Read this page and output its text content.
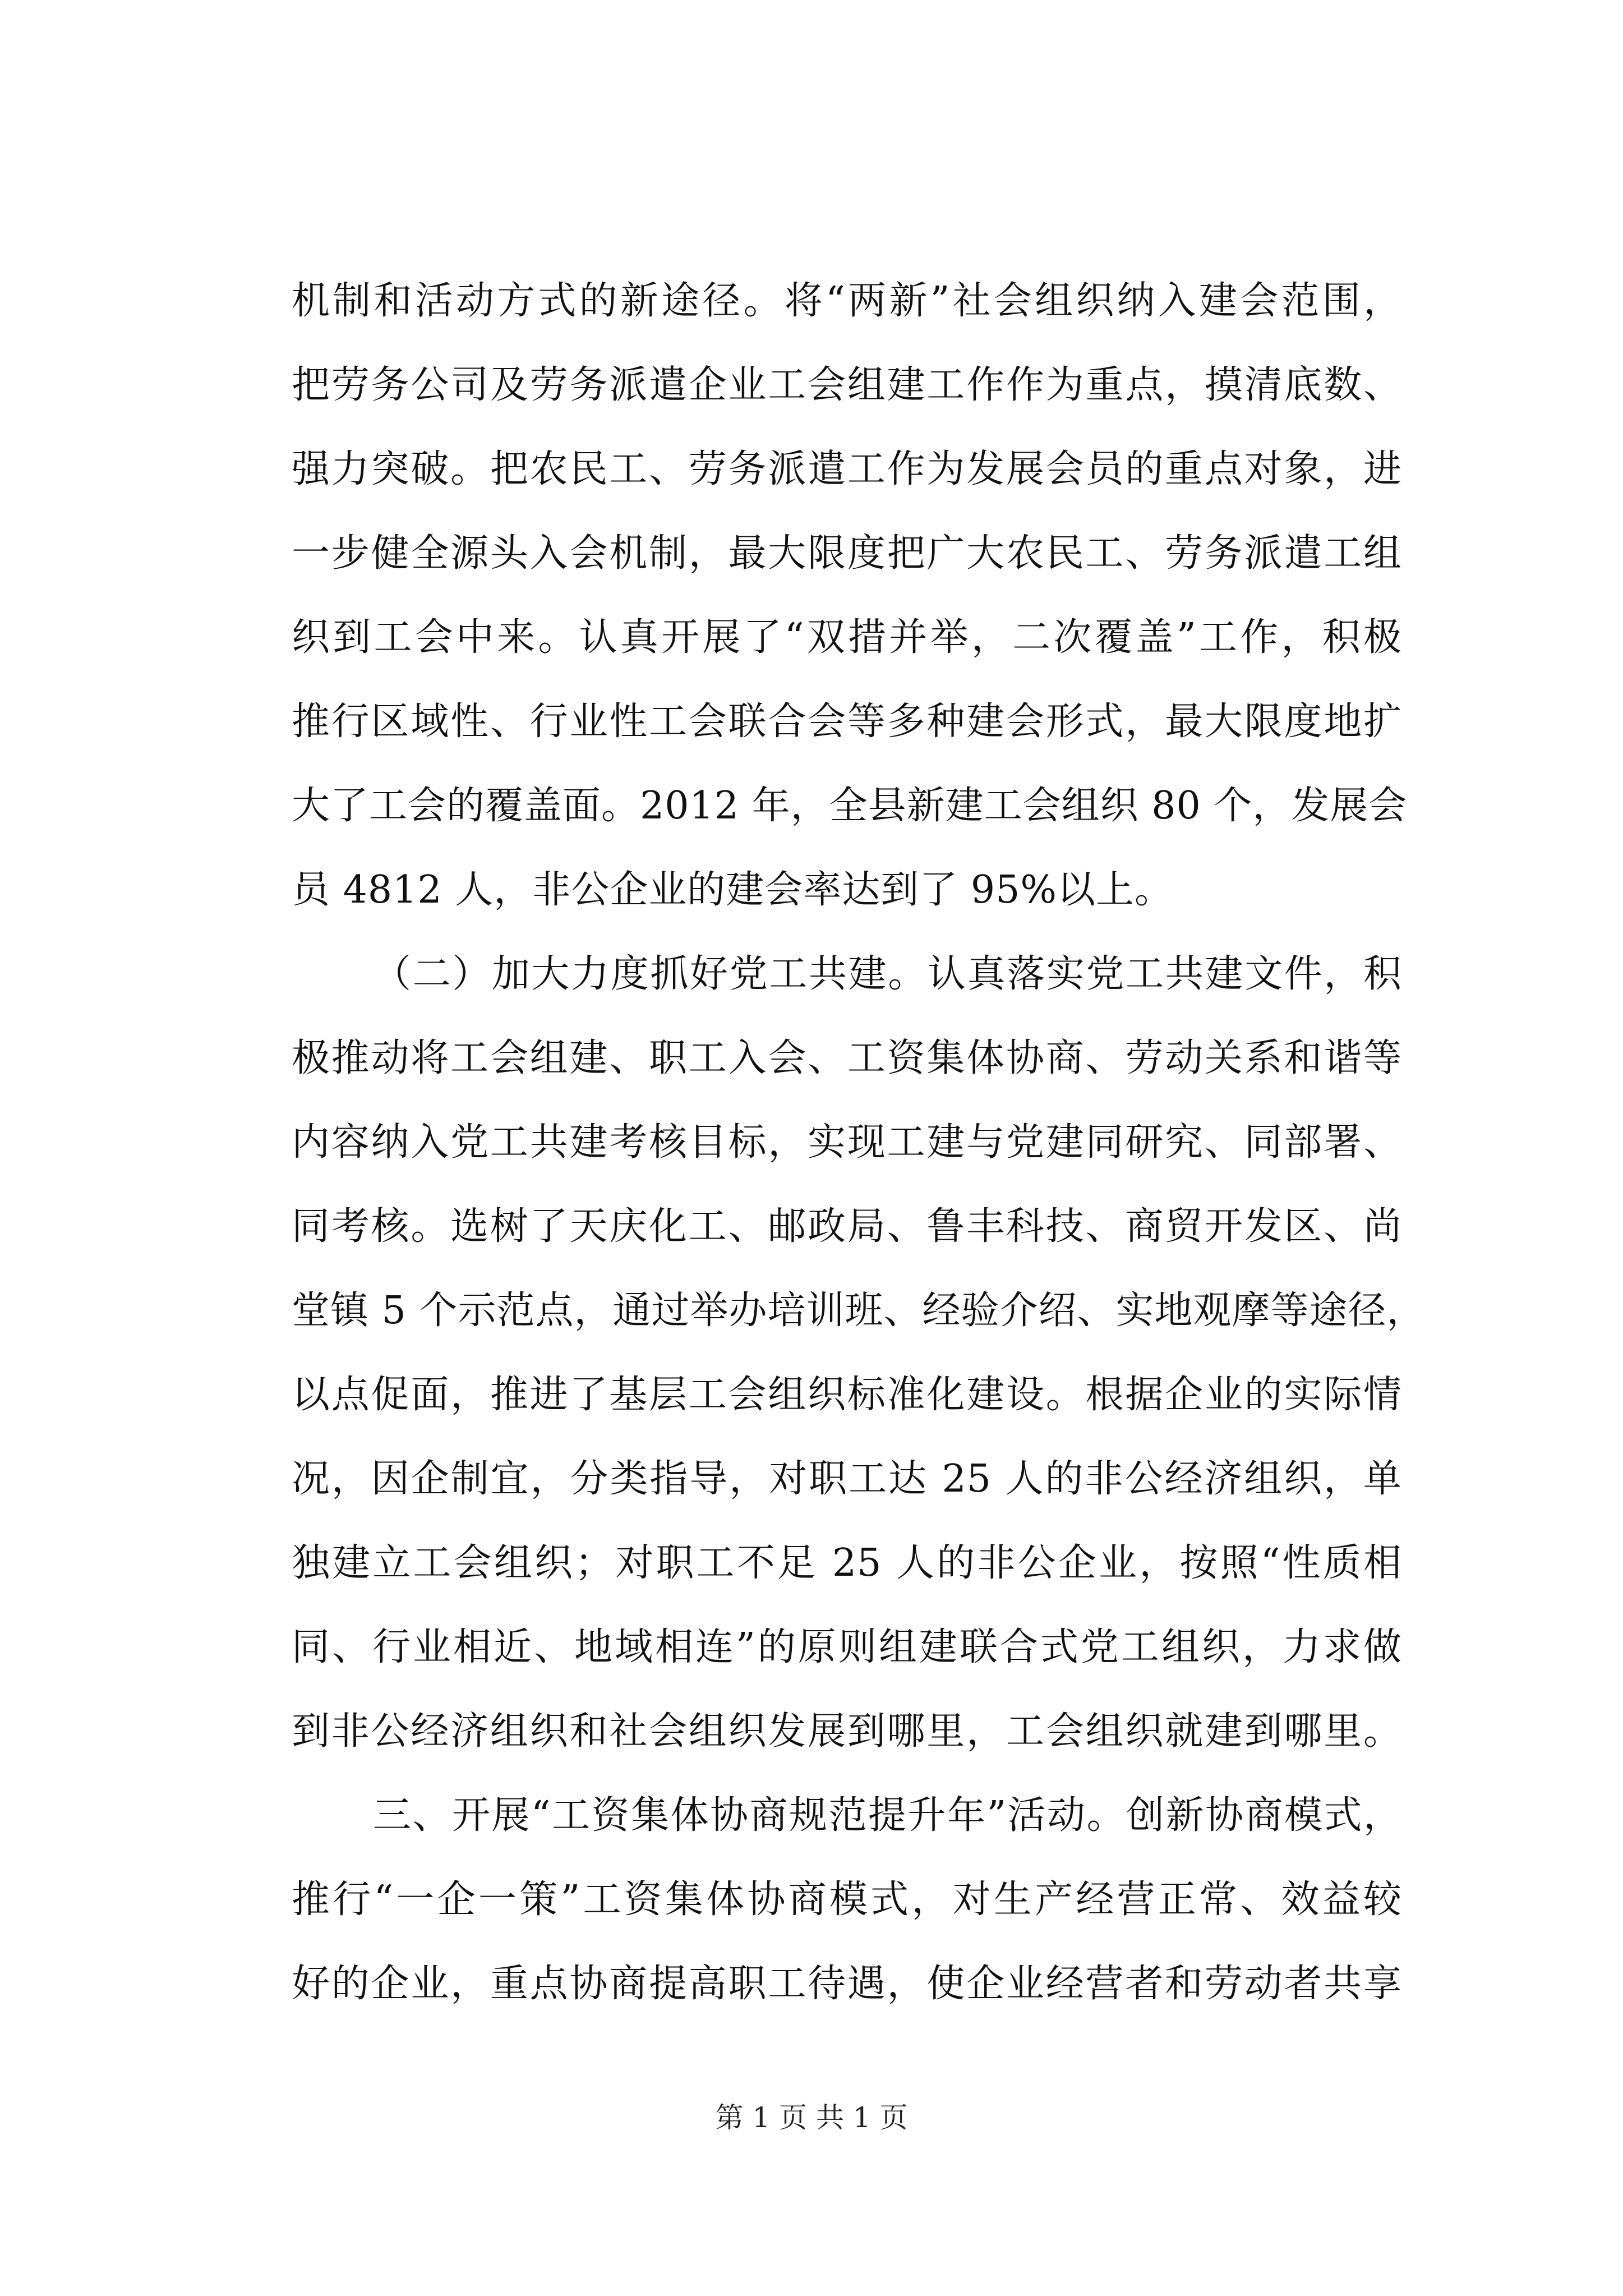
机制和活动方式的新途径。将“两新”社会组织纳入建会范围，
把劳务公司及劳务派遣企业工会组建工作作为重点，摸清底数、
强力突破。把农民工、劳务派遣工作为发展会员的重点对象，进
一步健全源头入会机制，最大限度把广大农民工、劳务派遣工组
织到工会中来。认真开展了“双措并举，二次覆盖”工作，积极
推行区域性、行业性工会联合会等多种建会形式，最大限度地扩
大了工会的覆盖面。2012 年，全县新建工会组织 80 个，发展会
员 4812 人，非公企业的建会率达到了 95%以上。
（二）加大力度抓好党工共建。认真落实党工共建文件，积
极推动将工会组建、职工入会、工资集体协商、劳动关系和谐等
内容纳入党工共建考核目标，实现工建与党建同研究、同部署、
同考核。选树了天庆化工、邮政局、鲁丰科技、商贸开发区、尚
堂镇 5 个示范点，通过举办培训班、经验介绍、实地观摩等途径，
以点促面，推进了基层工会组织标准化建设。根据企业的实际情
况，因企制宜，分类指导，对职工达 25 人的非公经济组织，单
独建立工会组织；对职工不足 25 人的非公企业，按照“性质相
同、行业相近、地域相连”的原则组建联合式党工组织，力求做
到非公经济组织和社会组织发展到哪里，工会组织就建到哪里。
三、开展“工资集体协商规范提升年”活动。创新协商模式，
推行“一企一策”工资集体协商模式，对生产经营正常、效益较
好的企业，重点协商提高职工待遇，使企业经营者和劳动者共享
第 1 页 共 1 页
